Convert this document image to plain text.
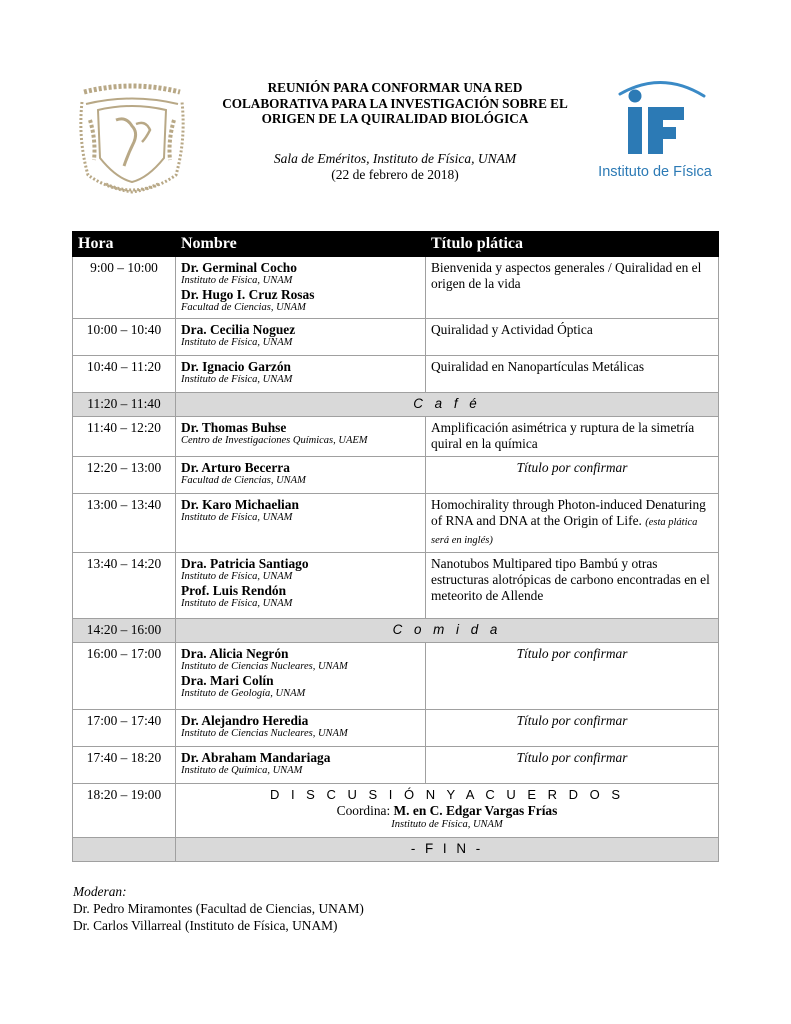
REUNIÓN PARA CONFORMAR UNA RED COLABORATIVA PARA LA INVESTIGACIÓN SOBRE EL ORIGEN DE LA QUIRALIDAD BIOLÓGICA
Sala de Eméritos, Instituto de Física, UNAM
(22 de febrero de 2018)	Instituto de Física
Hora	Nombre	Título plática
9:00 – 10:00	Dr. Germinal Cocho
Instituto de Física, UNAM
Dr. Hugo I. Cruz Rosas
Facultad de Ciencias, UNAM	Bienvenida y aspectos generales / Quiralidad en el origen de la vida
10:00 – 10:40	Dra. Cecilia Noguez
Instituto de Física, UNAM	Quiralidad y Actividad Óptica
10:40 – 11:20	Dr. Ignacio Garzón
Instituto de Física, UNAM	Quiralidad en Nanopartículas Metálicas
11:20 – 11:40	C a f é	
11:40 – 12:20	Dr. Thomas Buhse
Centro de Investigaciones Químicas, UAEM	Amplificación asimétrica y ruptura de la simetría quiral en la química
12:20 – 13:00	Dr. Arturo Becerra
Facultad de Ciencias, UNAM	Título por confirmar

13:00 – 13:40	Dr. Karo Michaelian
Instituto de Física, UNAM	Homochirality through Photon-induced Denaturing of RNA and DNA at the Origin of Life. (esta plática será en inglés)
13:40 – 14:20	Dra. Patricia Santiago
Instituto de Física, UNAM
Prof. Luis Rendón
Instituto de Física, UNAM	Nanotubos Multipared tipo Bambú y otras estructuras alotrópicas de carbono encontradas en el meteorito de Allende
14:20 – 16:00	C o m i d a	
16:00 – 17:00	Dra. Alicia Negrón
Instituto de Ciencias Nucleares, UNAM
Dra. Mari Colín
Instituto de Geología, UNAM	Título por confirmar

17:00 – 17:40	Dr. Alejandro Heredia
Instituto de Ciencias Nucleares, UNAM	Título por confirmar

17:40 – 18:20	Dr. Abraham Mandariaga
Instituto de Química, UNAM	Título por confirmar

18:20 – 19:00	D I S C U S I Ó N Y A C U E R D O S
Coordina: M. en C. Edgar Vargas Frías
Instituto de Física, UNAM	

	- F I N -	
Moderan:
Dr. Pedro Miramontes (Facultad de Ciencias, UNAM)
Dr. Carlos Villarreal (Instituto de Física, UNAM)
